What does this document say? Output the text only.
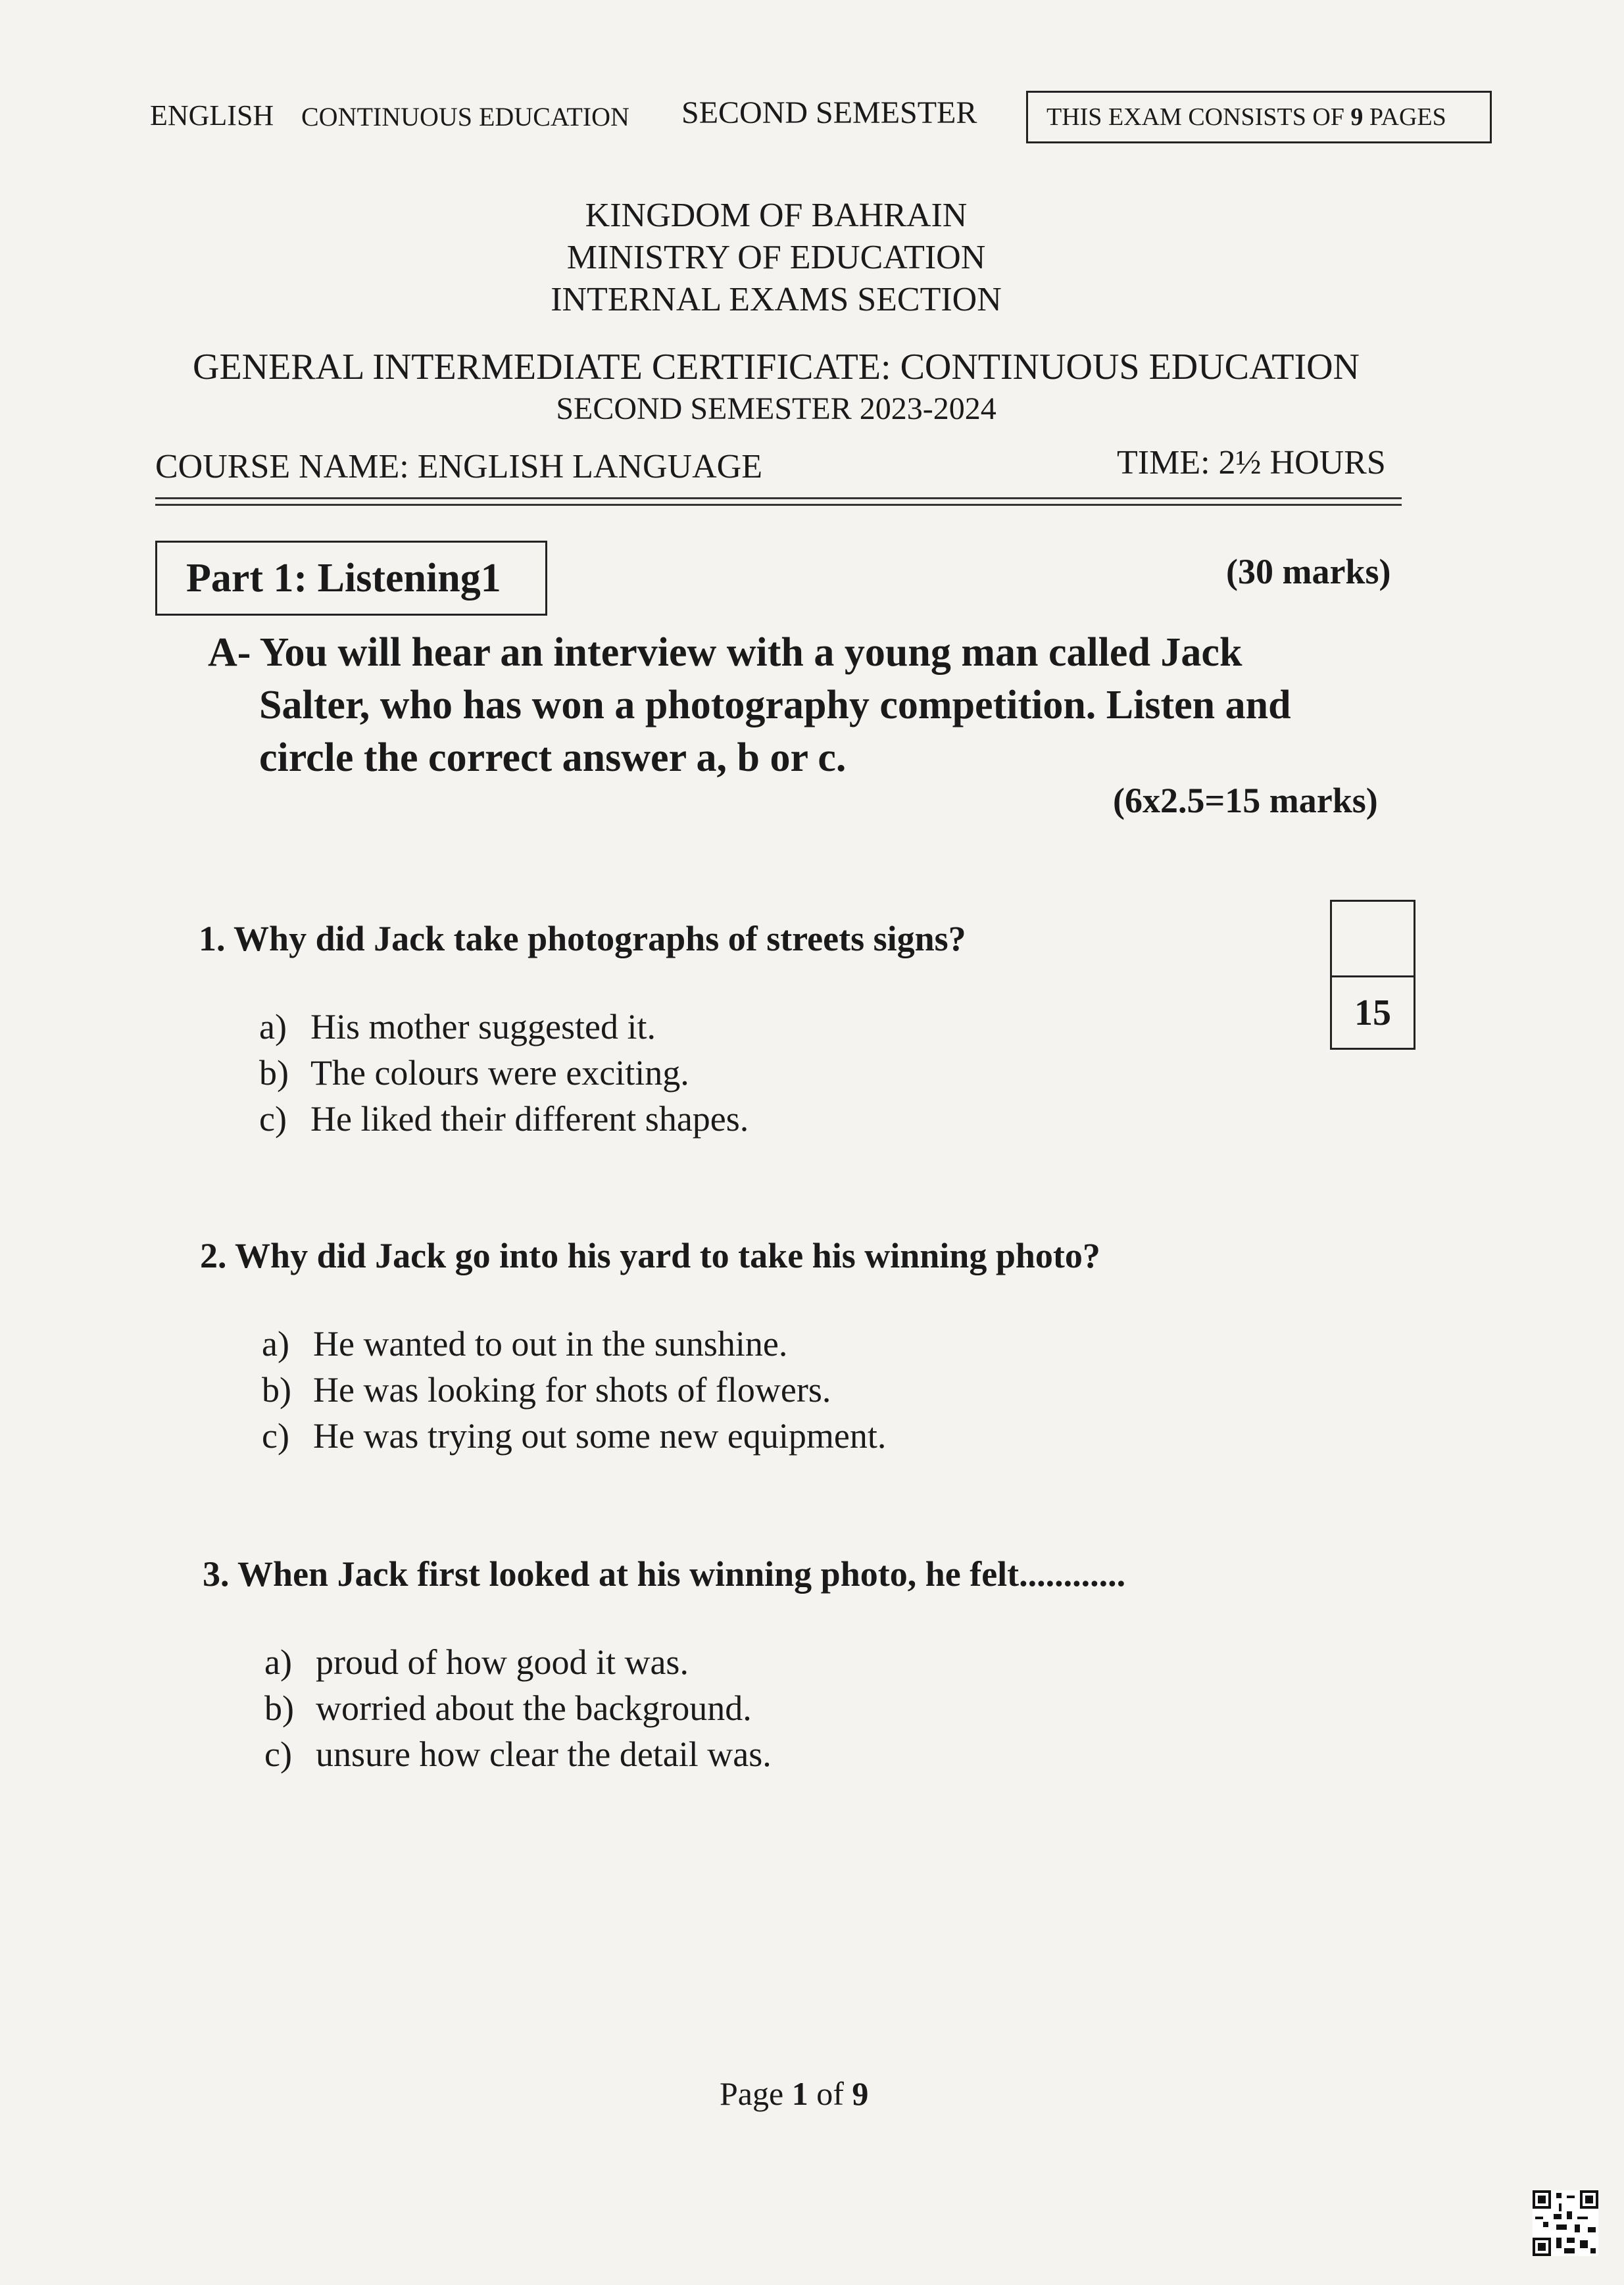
ENGLISH CONTINUOUS EDUCATION SECOND SEMESTER	THIS EXAM CONSISTS OF 9 PAGES
KINGDOM OF BAHRAIN
MINISTRY OF EDUCATION
INTERNAL EXAMS SECTION
GENERAL INTERMEDIATE CERTIFICATE: CONTINUOUS EDUCATION
SECOND SEMESTER 2023-2024
COURSE NAME: ENGLISH LANGUAGE	TIME: 2½ HOURS
Part 1: Listening1	(30 marks)
A- You will hear an interview with a young man called Jack
Salter, who has won a photography competition. Listen and
circle the correct answer a, b or c.
(6x2.5=15 marks)
15
1. Why did Jack take photographs of streets signs?
a) His mother suggested it.
b) The colours were exciting.
c) He liked their different shapes.
2. Why did Jack go into his yard to take his winning photo?
a) He wanted to out in the sunshine.
b) He was looking for shots of flowers.
c) He was trying out some new equipment.
3. When Jack first looked at his winning photo, he felt............
a) proud of how good it was.
b) worried about the background.
c) unsure how clear the detail was.
Page 1 of 9
